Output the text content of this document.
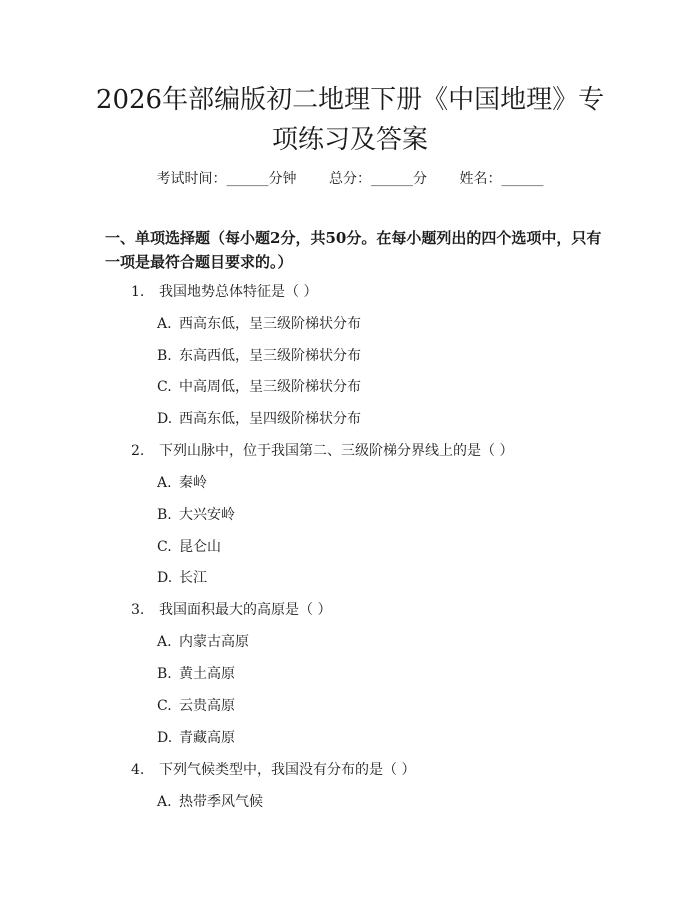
2026年部编版初二地理下册《中国地理》专
项练习及答案
考试时间：______分钟 总分：______分 姓名：______
一、单项选择题（每小题2分，共50分。在每小题列出的四个选项中，只有一项是最符合题目要求的。）
1. 我国地势总体特征是（ ）
A. 西高东低，呈三级阶梯状分布
B. 东高西低，呈三级阶梯状分布
C. 中高周低，呈三级阶梯状分布
D. 西高东低，呈四级阶梯状分布
2. 下列山脉中，位于我国第二、三级阶梯分界线上的是（ ）
A. 秦岭
B. 大兴安岭
C. 昆仑山
D. 长江
3. 我国面积最大的高原是（ ）
A. 内蒙古高原
B. 黄土高原
C. 云贵高原
D. 青藏高原
4. 下列气候类型中，我国没有分布的是（ ）
A. 热带季风气候
